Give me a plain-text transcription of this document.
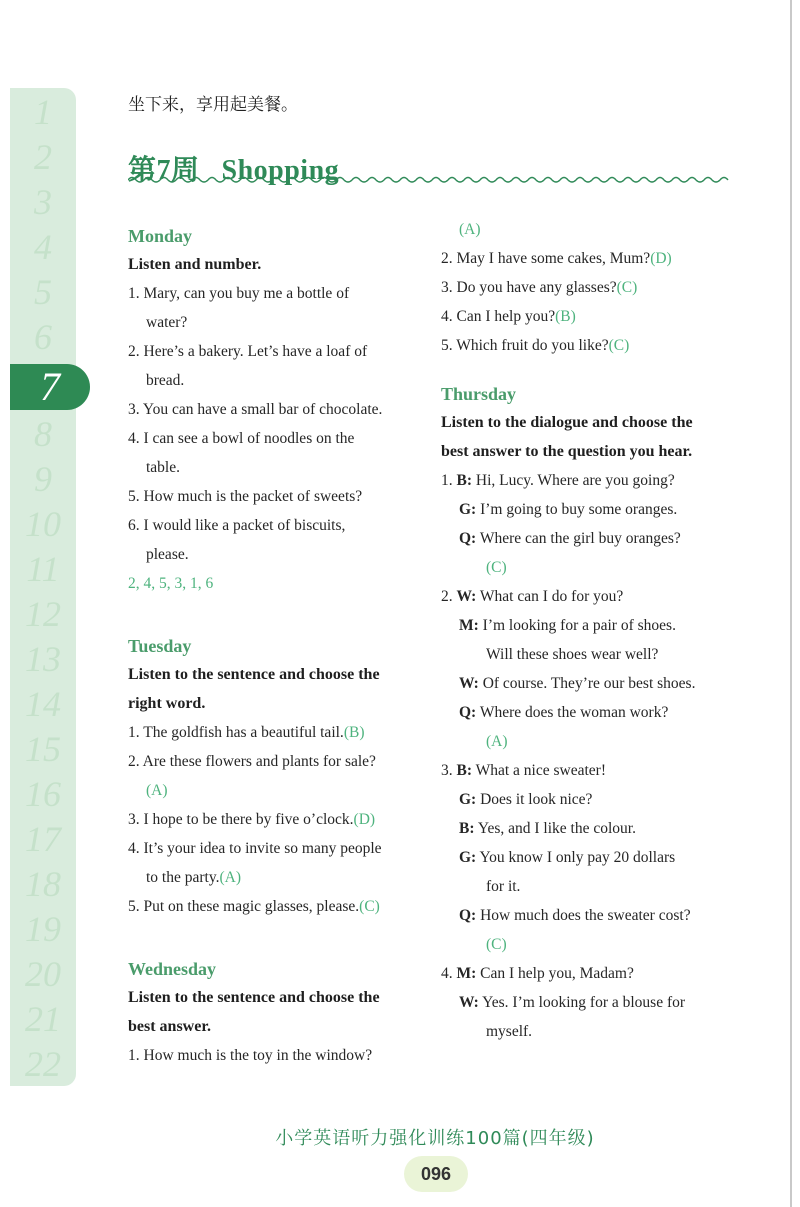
1
2
3
4
5
6
7
8
9
10
11
12
13
14
15
16
17
18
19
20
21
22
坐下来，享用起美餐。
第7周 Shopping
Monday
Listen and number.
1. Mary, can you buy me a bottle of
water?
2. Here’s a bakery. Let’s have a loaf of
bread.
3. You can have a small bar of chocolate.
4. I can see a bowl of noodles on the
table.
5. How much is the packet of sweets?
6. I would like a packet of biscuits,
please.
2, 4, 5, 3, 1, 6
Tuesday
Listen to the sentence and choose the
right word.
1. The goldfish has a beautiful tail.(B)
2. Are these flowers and plants for sale?
(A)
3. I hope to be there by five o’clock.(D)
4. It’s your idea to invite so many people
to the party.(A)
5. Put on these magic glasses, please.(C)
Wednesday
Listen to the sentence and choose the
best answer.
1. How much is the toy in the window?
(A)
2. May I have some cakes, Mum?(D)
3. Do you have any glasses?(C)
4. Can I help you?(B)
5. Which fruit do you like?(C)
Thursday
Listen to the dialogue and choose the
best answer to the question you hear.
1. B: Hi, Lucy. Where are you going?
G: I’m going to buy some oranges.
Q: Where can the girl buy oranges?
(C)
2. W: What can I do for you?
M: I’m looking for a pair of shoes.
Will these shoes wear well?
W: Of course. They’re our best shoes.
Q: Where does the woman work?
(A)
3. B: What a nice sweater!
G: Does it look nice?
B: Yes, and I like the colour.
G: You know I only pay 20 dollars
for it.
Q: How much does the sweater cost?
(C)
4. M: Can I help you, Madam?
W: Yes. I’m looking for a blouse for
myself.
小学英语听力强化训练100篇(四年级)
096
